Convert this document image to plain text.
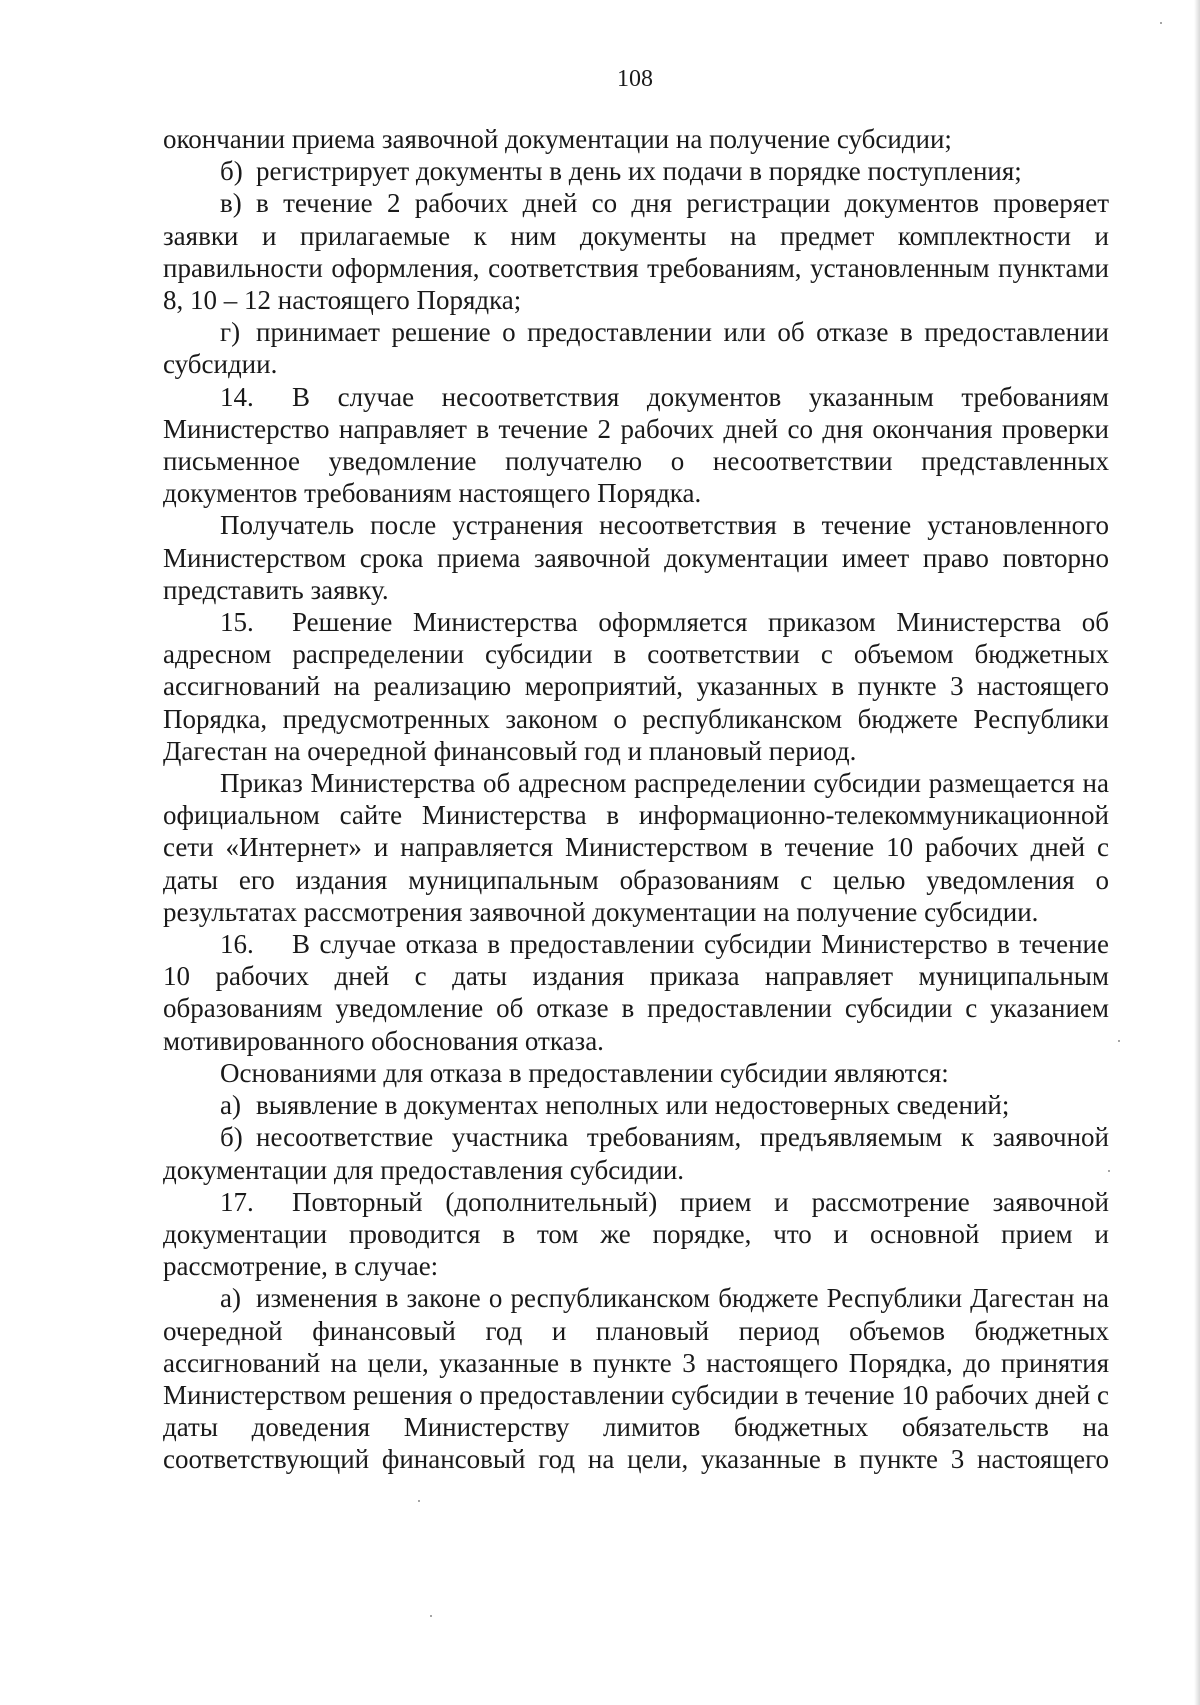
108

окончании приема заявочной документации на получение субсидии;

б) регистрирует документы в день их подачи в порядке поступления;

в) в течение 2 рабочих дней со дня регистрации документов проверяет заявки и прилагаемые к ним документы на предмет комплектности и правильности оформления, соответствия требованиям, установленным пунктами 8, 10 – 12 настоящего Порядка;

г) принимает решение о предоставлении или об отказе в предоставлении субсидии.

14. В случае несоответствия документов указанным требованиям Министерство направляет в течение 2 рабочих дней со дня окончания проверки письменное уведомление получателю о несоответствии представленных документов требованиям настоящего Порядка.

Получатель после устранения несоответствия в течение установленного Министерством срока приема заявочной документации имеет право повторно представить заявку.

15. Решение Министерства оформляется приказом Министерства об адресном распределении субсидии в соответствии с объемом бюджетных ассигнований на реализацию мероприятий, указанных в пункте 3 настоящего Порядка, предусмотренных законом о республиканском бюджете Республики Дагестан на очередной финансовый год и плановый период.

Приказ Министерства об адресном распределении субсидии размещается на официальном сайте Министерства в информационно-телекоммуникационной сети «Интернет» и направляется Министерством в течение 10 рабочих дней с даты его издания муниципальным образованиям с целью уведомления о результатах рассмотрения заявочной документации на получение субсидии.

16. В случае отказа в предоставлении субсидии Министерство в течение 10 рабочих дней с даты издания приказа направляет муниципальным образованиям уведомление об отказе в предоставлении субсидии с указанием мотивированного обоснования отказа.

Основаниями для отказа в предоставлении субсидии являются:

а) выявление в документах неполных или недостоверных сведений;

б) несоответствие участника требованиям, предъявляемым к заявочной документации для предоставления субсидии.

17. Повторный (дополнительный) прием и рассмотрение заявочной документации проводится в том же порядке, что и основной прием и рассмотрение, в случае:

а) изменения в законе о республиканском бюджете Республики Дагестан на очередной финансовый год и плановый период объемов бюджетных ассигнований на цели, указанные в пункте 3 настоящего Порядка, до принятия Министерством решения о предоставлении субсидии в течение 10 рабочих дней с даты доведения Министерству лимитов бюджетных обязательств на соответствующий финансовый год на цели, указанные в пункте 3 настоящего
